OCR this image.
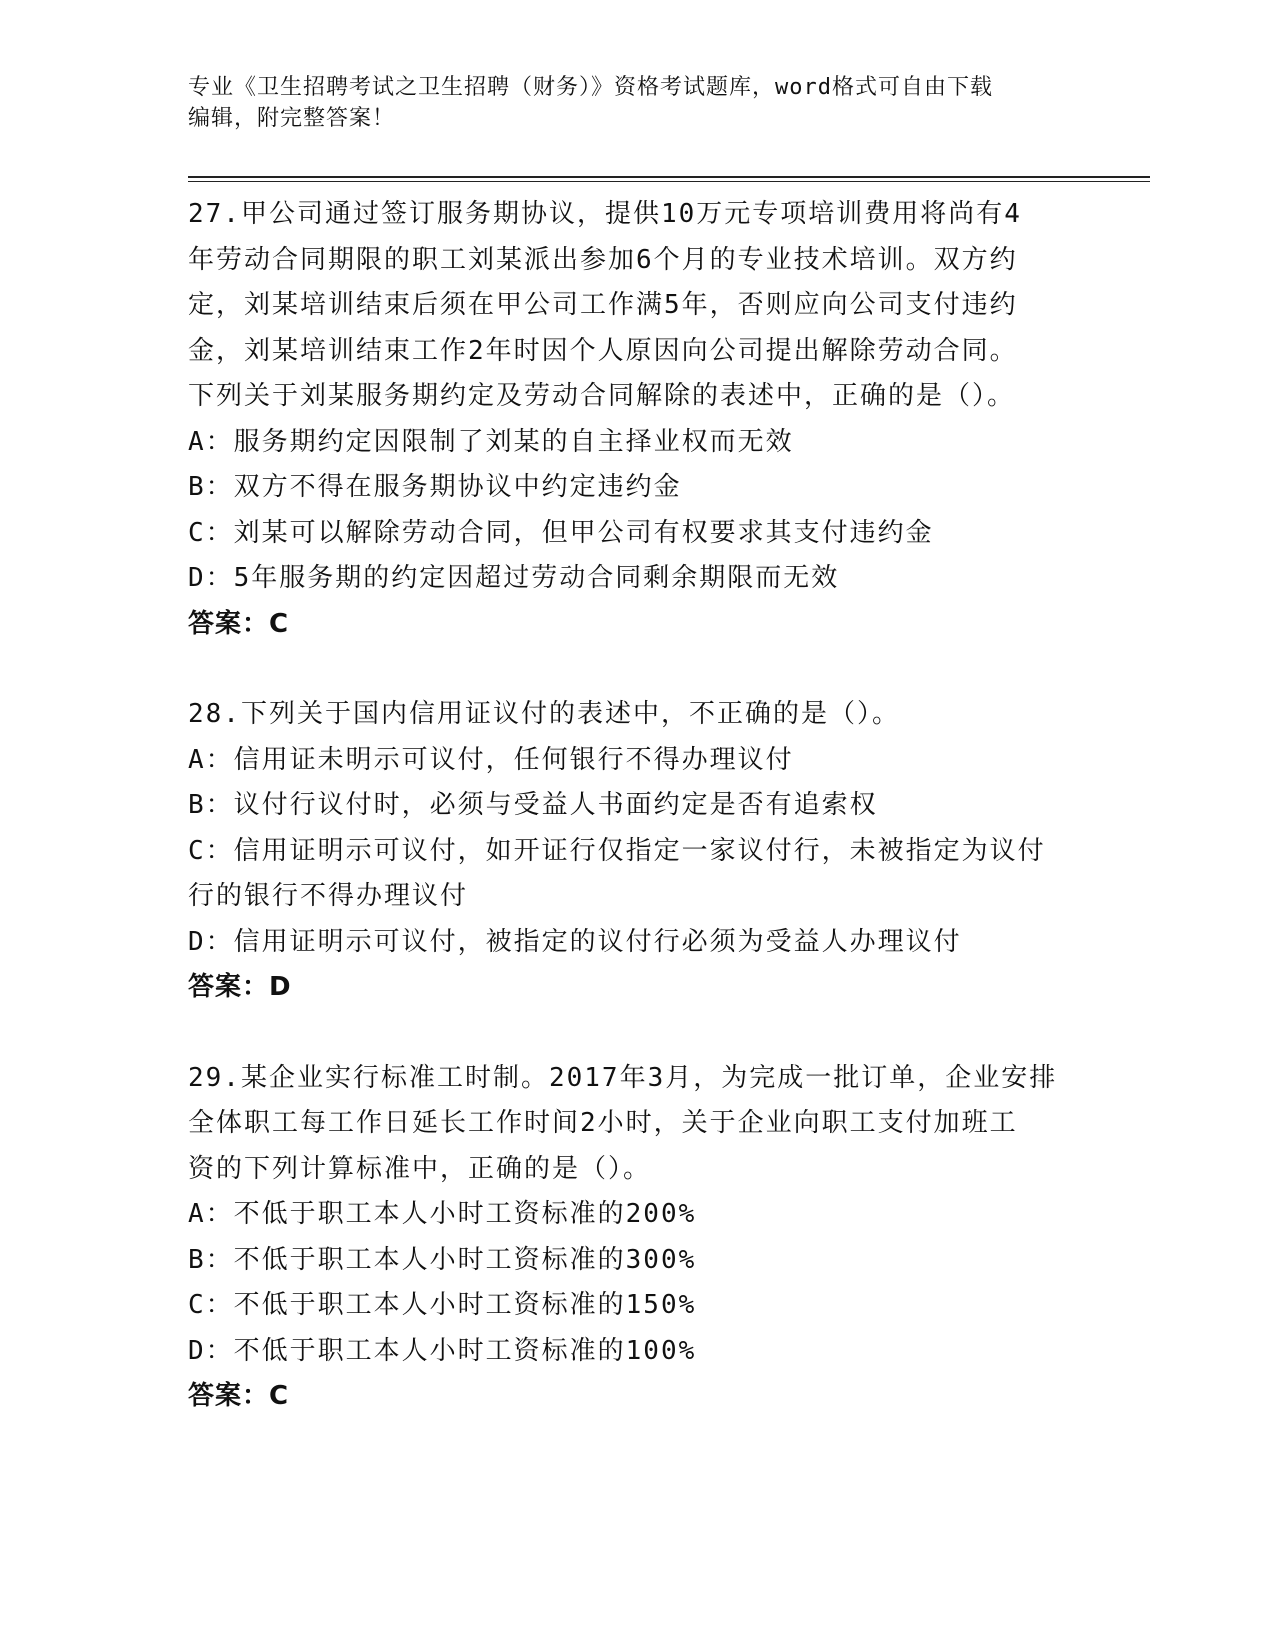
专业《卫生招聘考试之卫生招聘（财务）》资格考试题库，word格式可自由下载
编辑，附完整答案！
27.甲公司通过签订服务期协议，提供10万元专项培训费用将尚有4
年劳动合同期限的职工刘某派出参加6个月的专业技术培训。双方约
定，刘某培训结束后须在甲公司工作满5年，否则应向公司支付违约
金，刘某培训结束工作2年时因个人原因向公司提出解除劳动合同。
下列关于刘某服务期约定及劳动合同解除的表述中，正确的是（）。
A：服务期约定因限制了刘某的自主择业权而无效
B：双方不得在服务期协议中约定违约金
C：刘某可以解除劳动合同，但甲公司有权要求其支付违约金
D：5年服务期的约定因超过劳动合同剩余期限而无效
答案：C
28.下列关于国内信用证议付的表述中，不正确的是（）。
A：信用证未明示可议付，任何银行不得办理议付
B：议付行议付时，必须与受益人书面约定是否有追索权
C：信用证明示可议付，如开证行仅指定一家议付行，未被指定为议付
行的银行不得办理议付
D：信用证明示可议付，被指定的议付行必须为受益人办理议付
答案：D
29.某企业实行标准工时制。2017年3月，为完成一批订单，企业安排
全体职工每工作日延长工作时间2小时，关于企业向职工支付加班工
资的下列计算标准中，正确的是（）。
A：不低于职工本人小时工资标准的200%
B：不低于职工本人小时工资标准的300%
C：不低于职工本人小时工资标准的150%
D：不低于职工本人小时工资标准的100%
答案：C
